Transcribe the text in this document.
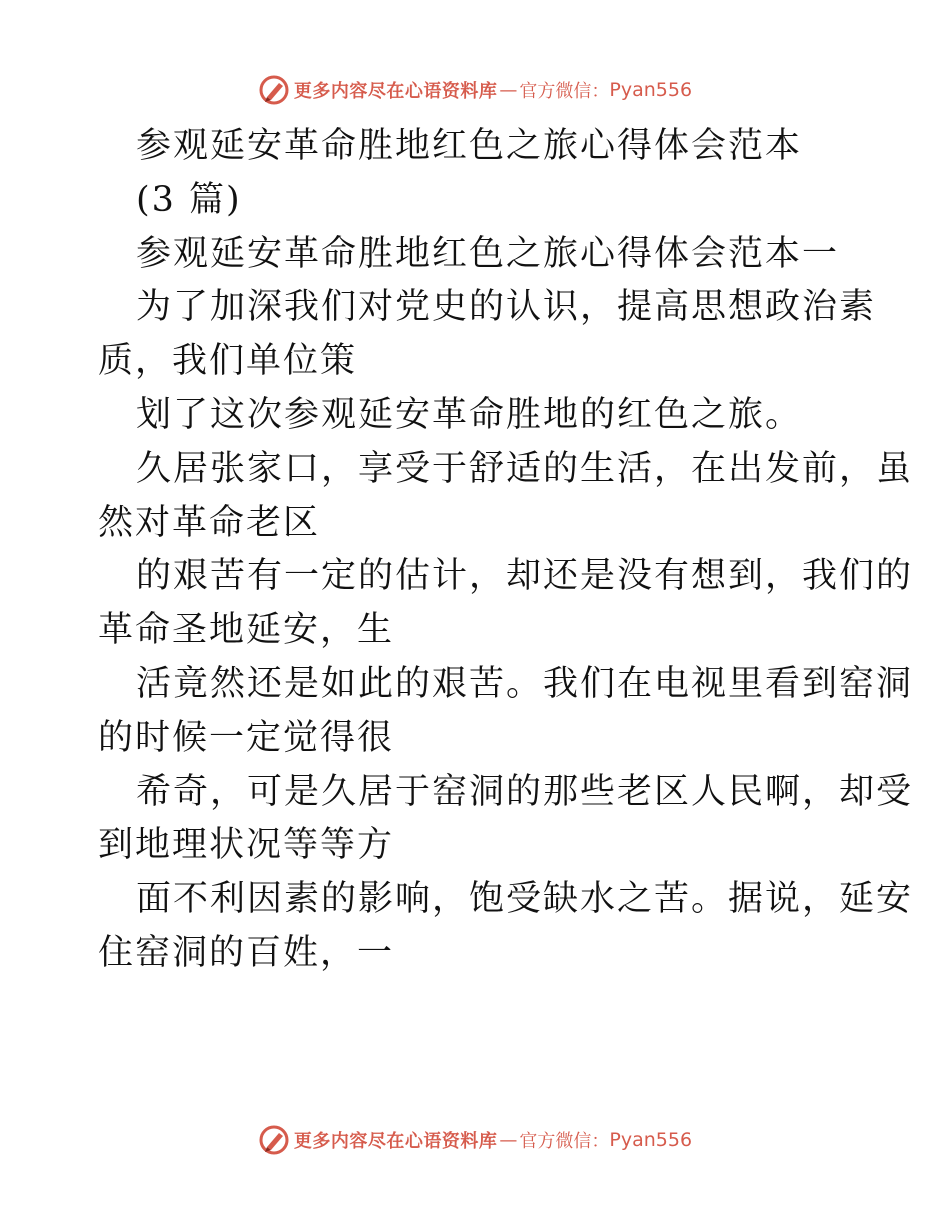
更多内容尽在心语资料库 — 官方微信： Pyan556
参观延安革命胜地红色之旅心得体会范本
(3 篇)
参观延安革命胜地红色之旅心得体会范本一
为了加深我们对党史的认识，提高思想政治素
质，我们单位策
划了这次参观延安革命胜地的红色之旅。
久居张家口，享受于舒适的生活，在出发前，虽
然对革命老区
的艰苦有一定的估计，却还是没有想到，我们的
革命圣地延安，生
活竟然还是如此的艰苦。我们在电视里看到窑洞
的时候一定觉得很
希奇，可是久居于窑洞的那些老区人民啊，却受
到地理状况等等方
面不利因素的影响，饱受缺水之苦。据说，延安
住窑洞的百姓，一
更多内容尽在心语资料库 — 官方微信： Pyan556
